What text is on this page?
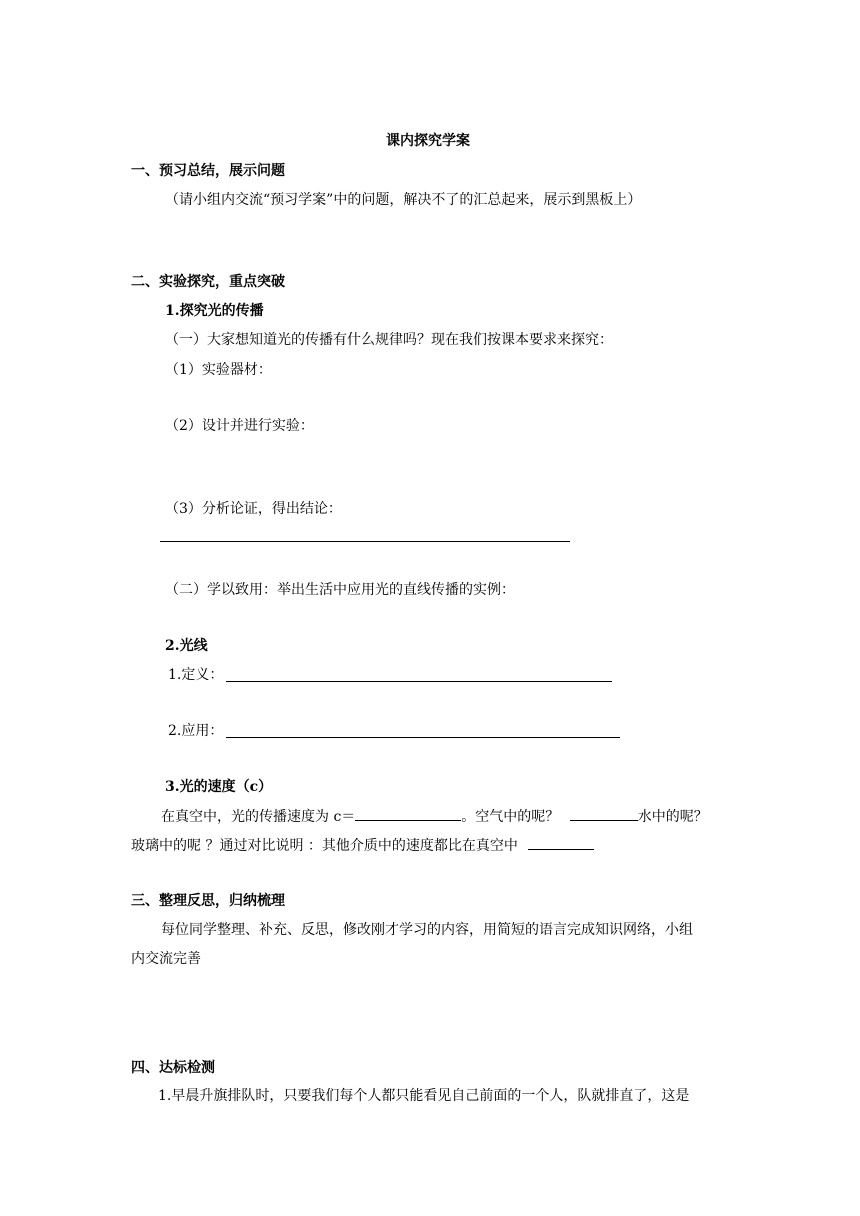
课内探究学案
一、预习总结，展示问题
（请小组内交流“预习学案”中的问题，解决不了的汇总起来，展示到黑板上）
二、实验探究，重点突破
1.探究光的传播
（一）大家想知道光的传播有什么规律吗？现在我们按课本要求来探究：
（1）实验器材：
（2）设计并进行实验：
（3）分析论证，得出结论：
（二）学以致用：举出生活中应用光的直线传播的实例：
2.光线
1.定义：
2.应用：
3.光的速度（c）
在真空中，光的传播速度为 c＝	。空气中的呢？	水中的呢？
玻璃中的呢 ？通过对比说明 ：其他介质中的速度都比在真空中
三、整理反思，归纳梳理
每位同学整理、补充、反思，修改刚才学习的内容，用简短的语言完成知识网络，小组
内交流完善
四、达标检测
1.早晨升旗排队时，只要我们每个人都只能看见自己前面的一个人，队就排直了，这是
